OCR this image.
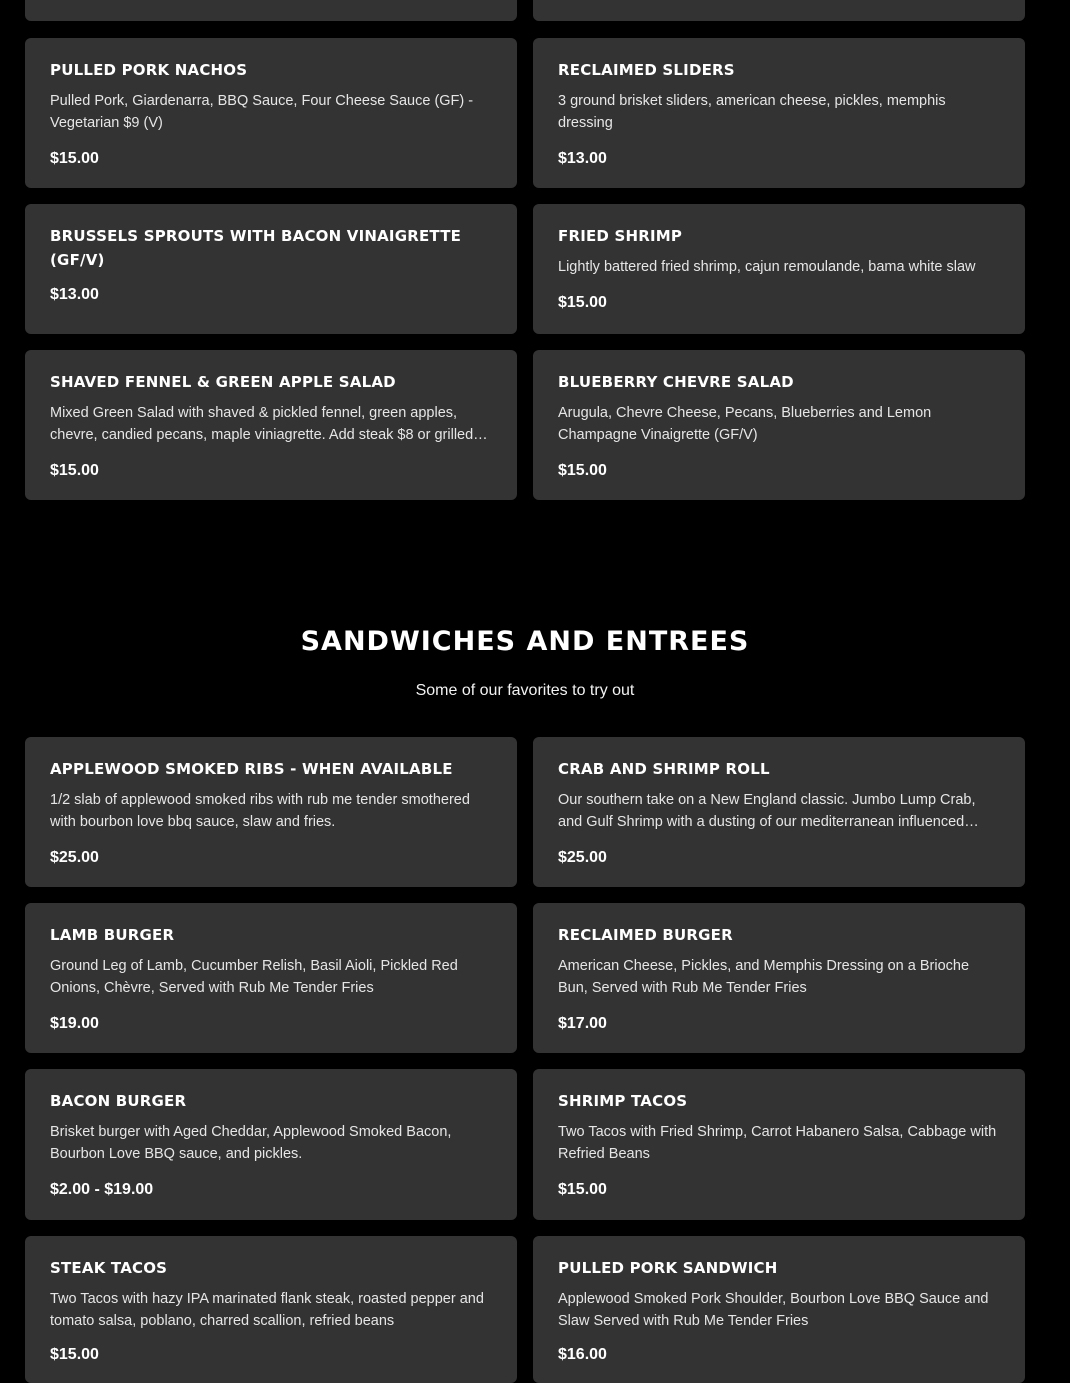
PULLED PORK NACHOS
Pulled Pork, Giardenarra, BBQ Sauce, Four Cheese Sauce (GF) - Vegetarian $9 (V)
$15.00
RECLAIMED SLIDERS
3 ground brisket sliders, american cheese, pickles, memphis dressing
$13.00
BRUSSELS SPROUTS WITH BACON VINAIGRETTE (GF/V)
$13.00
FRIED SHRIMP
Lightly battered fried shrimp, cajun remoulande, bama white slaw
$15.00
SHAVED FENNEL & GREEN APPLE SALAD
Mixed Green Salad with shaved & pickled fennel, green apples, chevre, candied pecans, maple viniagrette. Add steak $8 or grilled…
$15.00
BLUEBERRY CHEVRE SALAD
Arugula, Chevre Cheese, Pecans, Blueberries and Lemon Champagne Vinaigrette (GF/V)
$15.00
SANDWICHES AND ENTREES

Some of our favorites to try out

APPLEWOOD SMOKED RIBS - WHEN AVAILABLE
1/2 slab of applewood smoked ribs with rub me tender smothered with bourbon love bbq sauce, slaw and fries.
$25.00
CRAB AND SHRIMP ROLL
Our southern take on a New England classic. Jumbo Lump Crab, and Gulf Shrimp with a dusting of our mediterranean influenced…
$25.00
LAMB BURGER
Ground Leg of Lamb, Cucumber Relish, Basil Aioli, Pickled Red Onions, Chèvre, Served with Rub Me Tender Fries
$19.00
RECLAIMED BURGER
American Cheese, Pickles, and Memphis Dressing on a Brioche Bun, Served with Rub Me Tender Fries
$17.00
BACON BURGER
Brisket burger with Aged Cheddar, Applewood Smoked Bacon, Bourbon Love BBQ sauce, and pickles.
$2.00 - $19.00
SHRIMP TACOS
Two Tacos with Fried Shrimp, Carrot Habanero Salsa, Cabbage with Refried Beans
$15.00
STEAK TACOS
Two Tacos with hazy IPA marinated flank steak, roasted pepper and tomato salsa, poblano, charred scallion, refried beans
$15.00
PULLED PORK SANDWICH
Applewood Smoked Pork Shoulder, Bourbon Love BBQ Sauce and Slaw Served with Rub Me Tender Fries
$16.00
